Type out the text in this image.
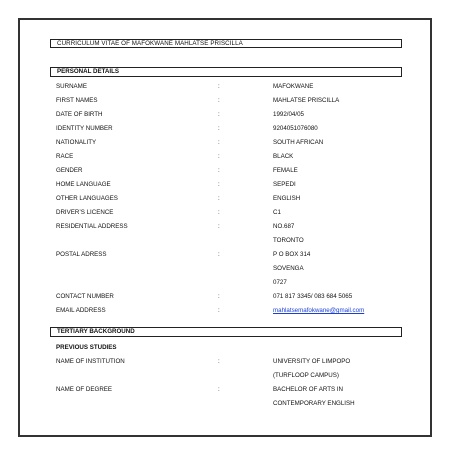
CURRICULUM VITAE OF MAFOKWANE MAHLATSE PRISCILLA
PERSONAL DETAILS
SURNAME	:	MAFOKWANE
FIRST NAMES	:	MAHLATSE PRISCILLA
DATE OF BIRTH	:	1992/04/05
IDENTITY NUMBER	:	9204051076080
NATIONALITY	:	SOUTH AFRICAN
RACE	:	BLACK
GENDER	:	FEMALE
HOME LANGUAGE	:	SEPEDI
OTHER LANGUAGES	:	ENGLISH
DRIVER’S LICENCE	:	C1
RESIDENTIAL ADDRESS	:	NO.687
TORONTO
POSTAL ADRESS	:	P O BOX 314
SOVENGA
0727
CONTACT NUMBER	:	071 817 3345/ 083 684 5065
EMAIL ADDRESS	:	mahlatsemafokwane@gmail.com
TERTIARY BACKGROUND
PREVIOUS STUDIES
NAME OF INSTITUTION	:	UNIVERSITY OF LIMPOPO
(TURFLOOP CAMPUS)
NAME OF DEGREE	:	BACHELOR OF ARTS IN
CONTEMPORARY ENGLISH
